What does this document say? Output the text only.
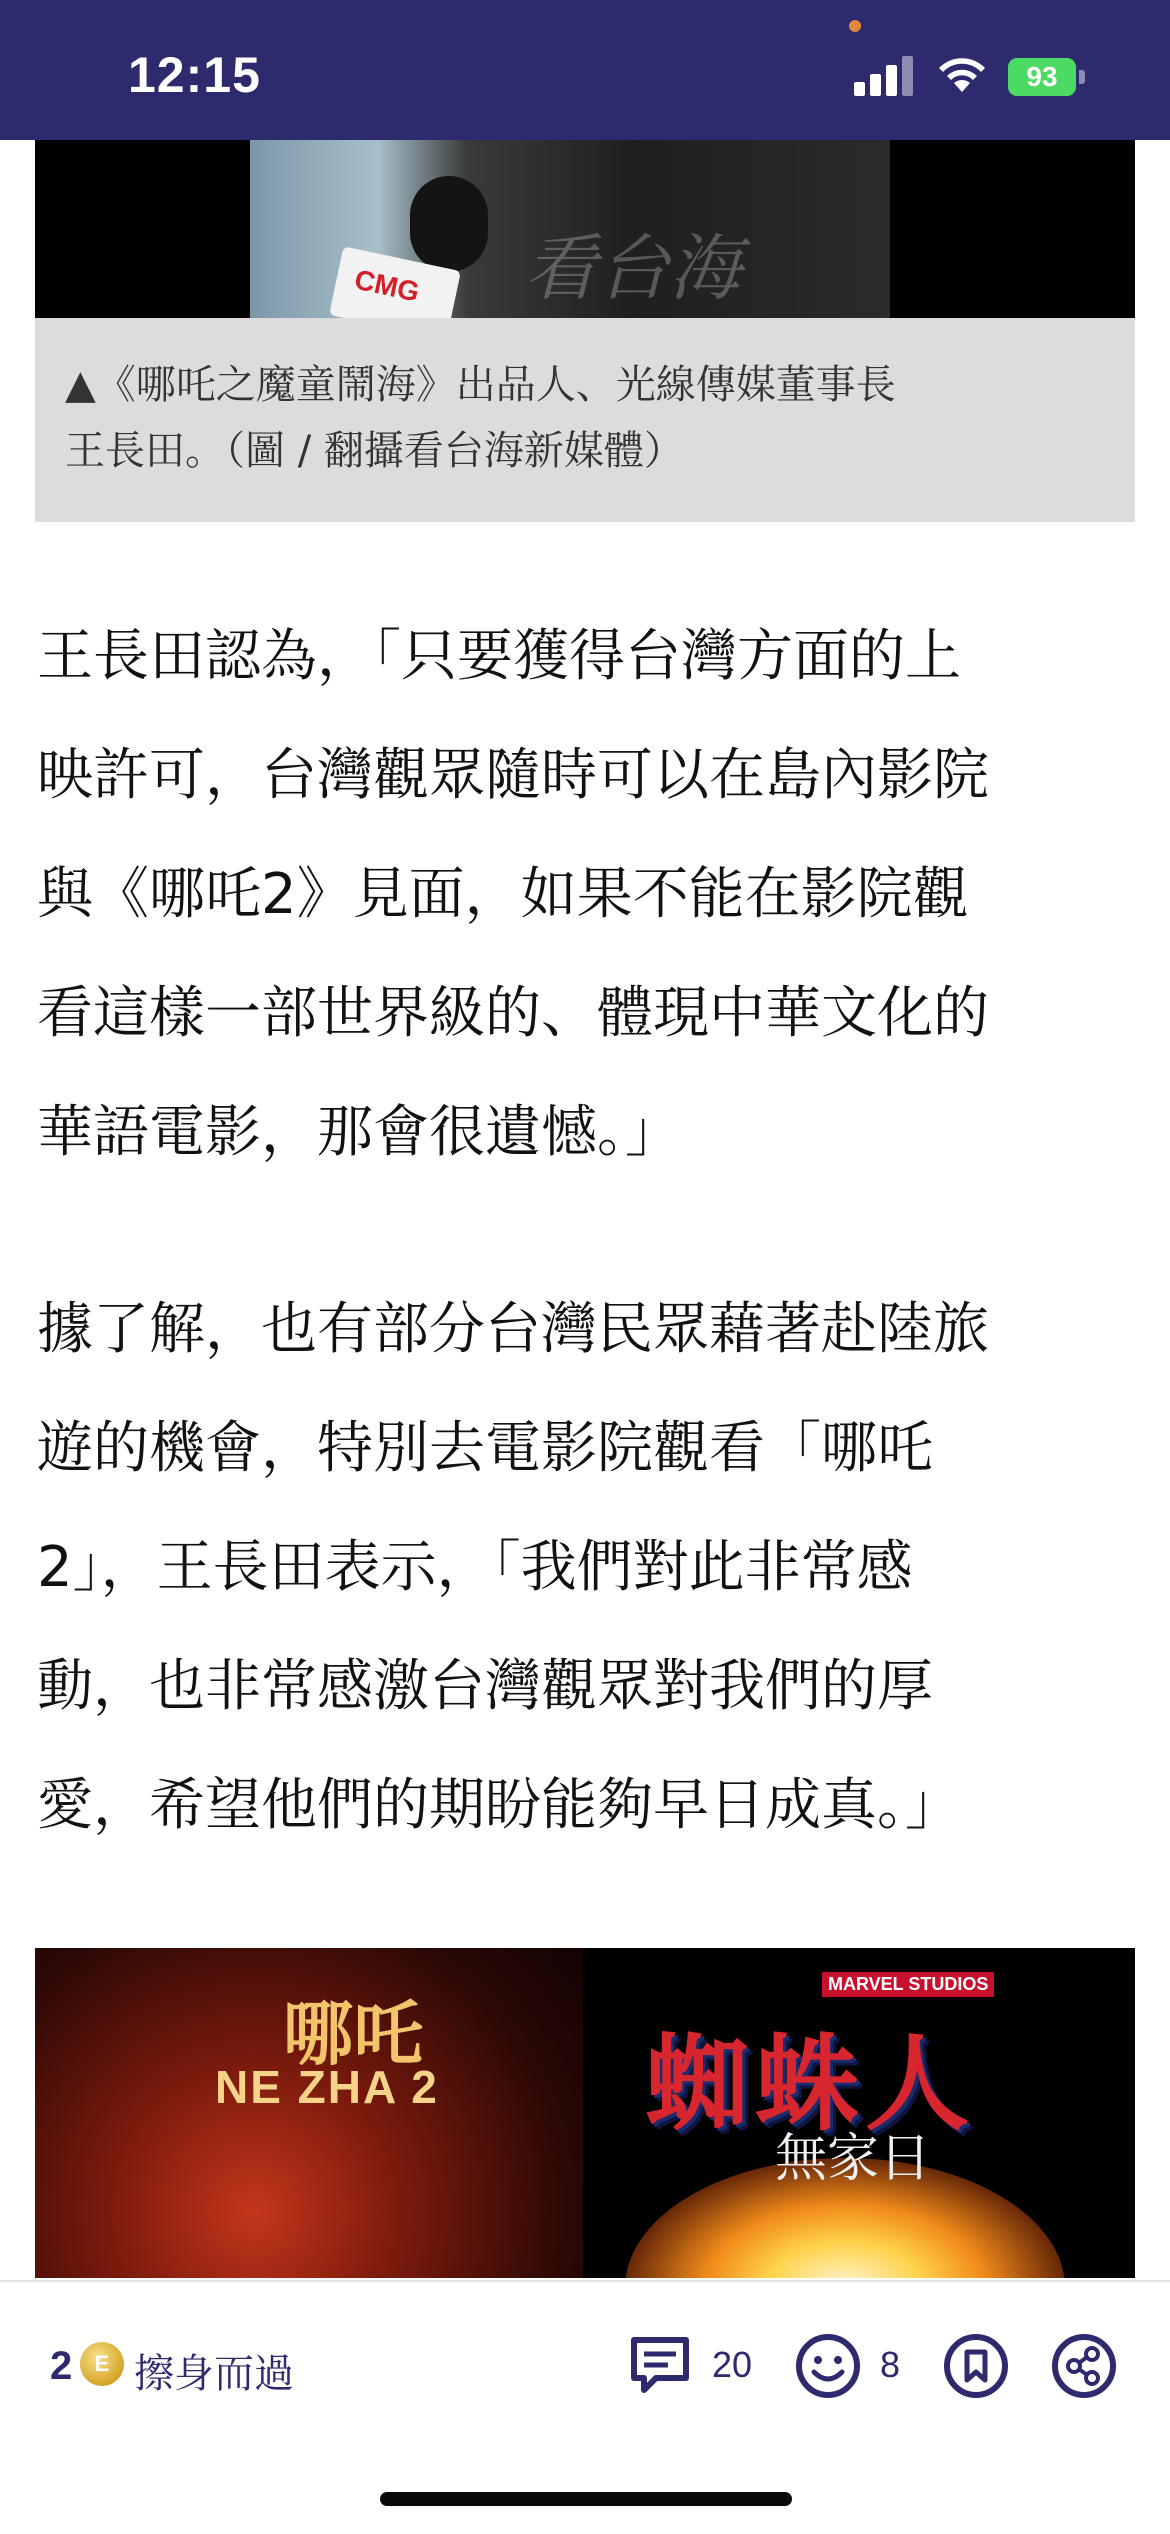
12:15	93
CMG 看台海
▲《哪吒之魔童鬧海》出品人、光線傳媒董事長
王長田。（圖 / 翻攝看台海新媒體）
王長田認為，「只要獲得台灣方面的上
映許可，台灣觀眾隨時可以在島內影院
與《哪吒2》見面，如果不能在影院觀
看這樣一部世界級的、體現中華文化的
華語電影，那會很遺憾。」
據了解，也有部分台灣民眾藉著赴陸旅
遊的機會，特別去電影院觀看「哪吒
2」，王長田表示，「我們對此非常感
動，也非常感激台灣觀眾對我們的厚
愛，希望他們的期盼能夠早日成真。」
哪吒
NE ZHA 2
MARVEL STUDIOS
蜘蛛人
無家日
2	E 擦身而過	20	8
